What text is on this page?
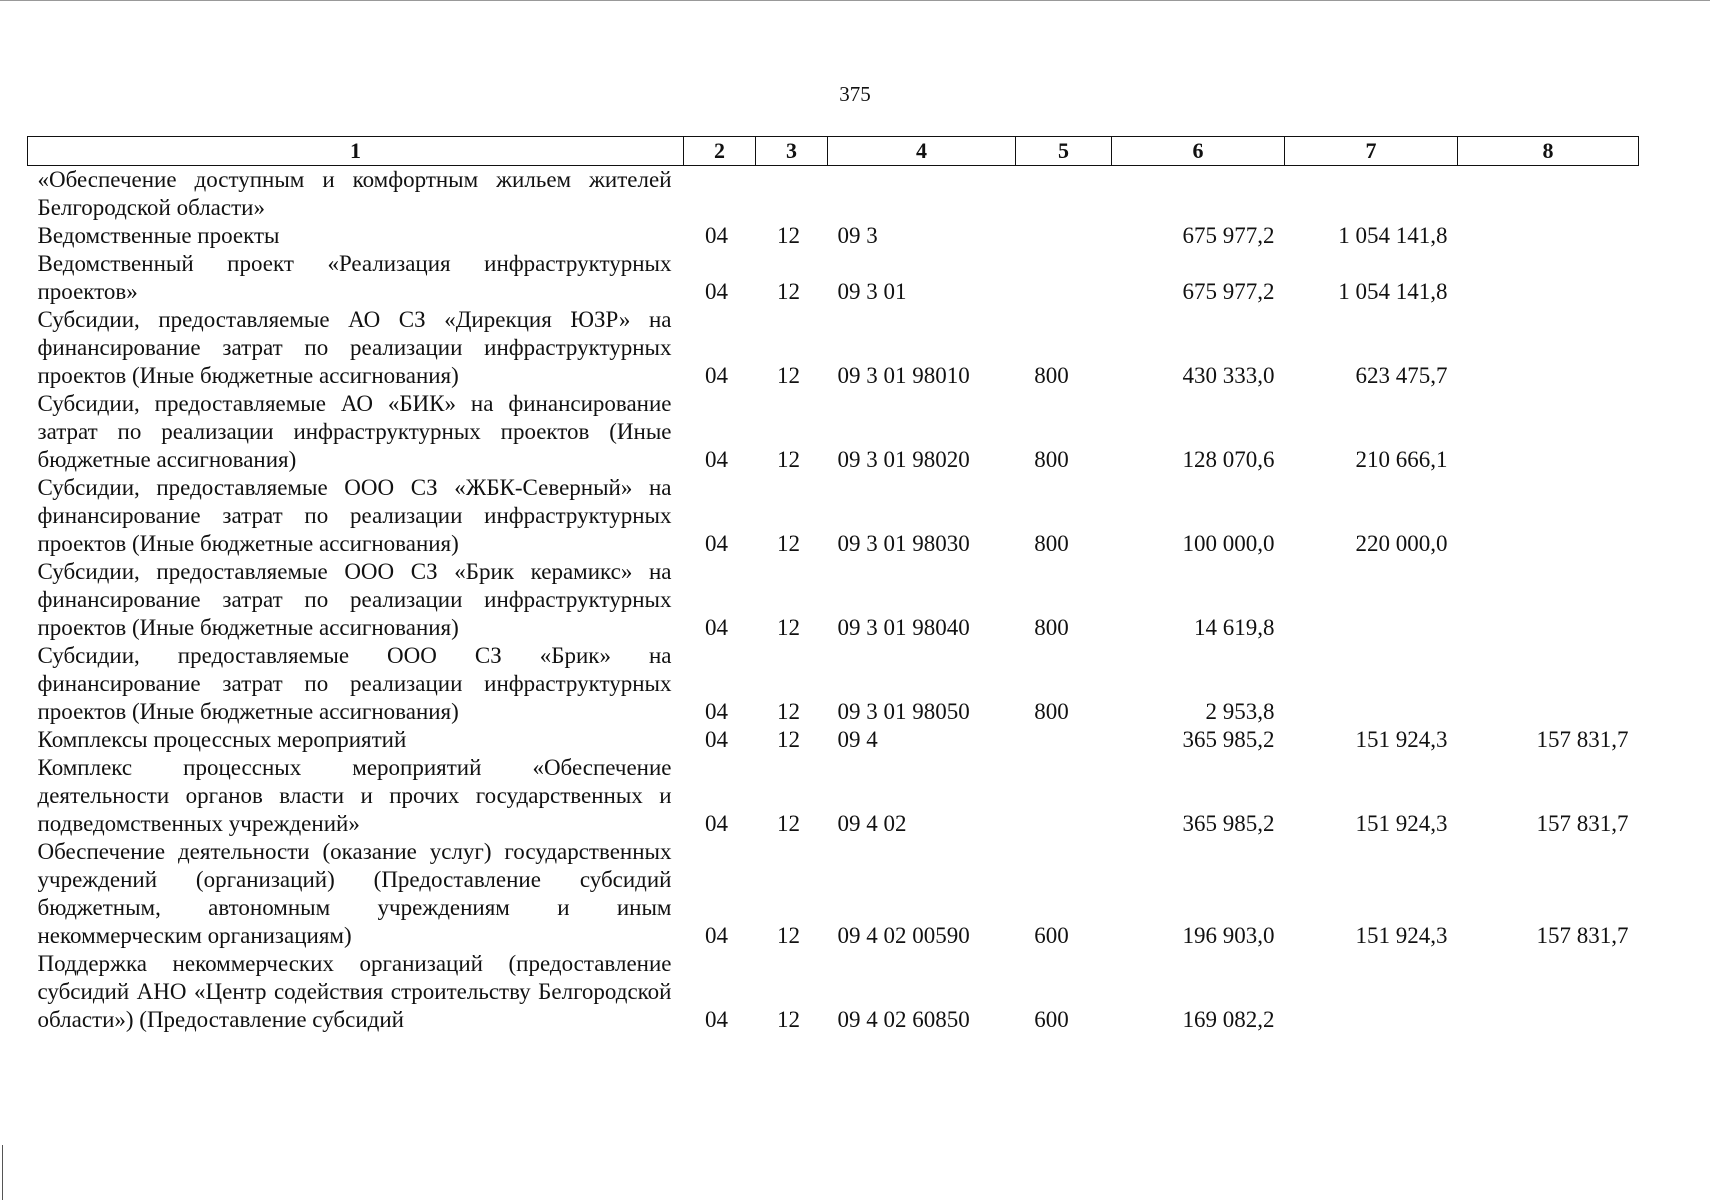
375
1	2	3	4	5	6	7	8
«Обеспечение доступным и комфортным жильем жителей Белгородской области»							
Ведомственные проекты	04	12	09 3		675 977,2	1 054 141,8	
Ведомственный проект «Реализация инфраструктурных проектов»	04	12	09 3 01		675 977,2	1 054 141,8	
Субсидии, предоставляемые АО СЗ «Дирекция ЮЗР» на финансирование затрат по реализации инфраструктурных проектов (Иные бюджетные ассигнования)	04	12	09 3 01 98010	800	430 333,0	623 475,7	
Субсидии, предоставляемые АО «БИК» на финансирование затрат по реализации инфраструктурных проектов (Иные бюджетные ассигнования)	04	12	09 3 01 98020	800	128 070,6	210 666,1	
Субсидии, предоставляемые ООО СЗ «ЖБК-Северный» на финансирование затрат по реализации инфраструктурных проектов (Иные бюджетные ассигнования)	04	12	09 3 01 98030	800	100 000,0	220 000,0	
Субсидии, предоставляемые ООО СЗ «Брик керамикс» на финансирование затрат по реализации инфраструктурных проектов (Иные бюджетные ассигнования)	04	12	09 3 01 98040	800	14 619,8		
Субсидии, предоставляемые ООО СЗ «Брик» на финансирование затрат по реализации инфраструктурных проектов (Иные бюджетные ассигнования)	04	12	09 3 01 98050	800	2 953,8		
Комплексы процессных мероприятий	04	12	09 4		365 985,2	151 924,3	157 831,7
Комплекс процессных мероприятий «Обеспечение деятельности органов власти и прочих государственных и подведомственных учреждений»	04	12	09 4 02		365 985,2	151 924,3	157 831,7
Обеспечение деятельности (оказание услуг) государственных учреждений (организаций) (Предоставление субсидий бюджетным, автономным учреждениям и иным некоммерческим организациям)	04	12	09 4 02 00590	600	196 903,0	151 924,3	157 831,7
Поддержка некоммерческих организаций (предоставление субсидий АНО «Центр содействия строительству Белгородской области») (Предоставление субсидий	04	12	09 4 02 60850	600	169 082,2		
